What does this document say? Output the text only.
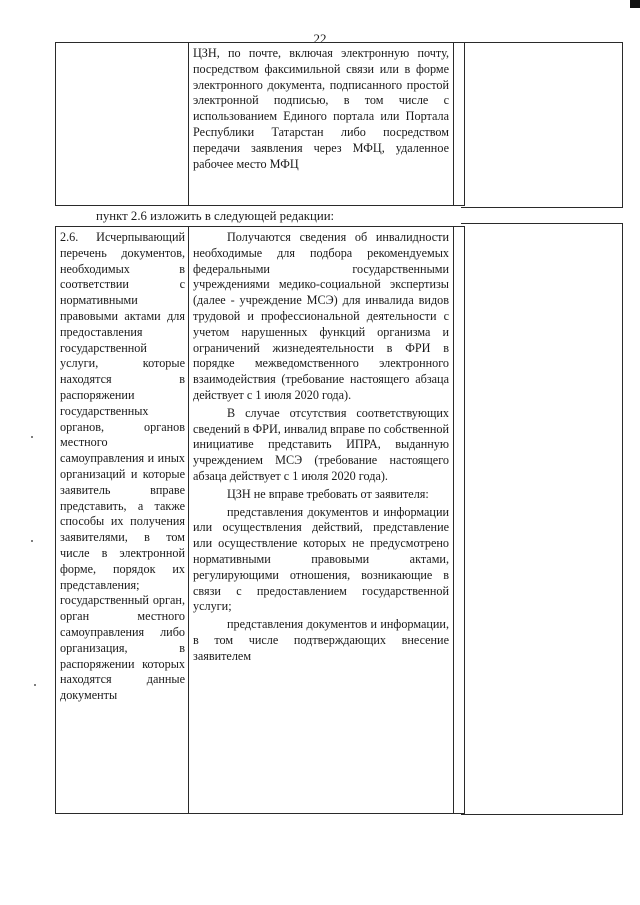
22

ЦЗН, по почте, включая электронную почту, посредством факсимильной связи или в форме электронного документа, подписанного простой электронной подписью, в том числе с использованием Единого портала или Портала Республики Татарстан либо посредством передачи заявления через МФЦ, удаленное рабочее место МФЦ

пункт 2.6 изложить в следующей редакции:
2.6. Исчерпывающий перечень документов, необходимых в соответствии с нормативными правовыми актами для предоставления государственной услуги, которые находятся в распоряжении государственных органов, органов местного самоуправления и иных организаций и которые заявитель вправе представить, а также способы их получения заявителями, в том числе в электронной форме, порядок их представления; государственный орган, орган местного самоуправления либо организация, в распоряжении которых находятся данные документы

Получаются сведения об инвалидности необходимые для подбора рекомендуемых федеральными государственными учреждениями медико-социальной экспертизы (далее - учреждение МСЭ) для инвалида видов трудовой и профессиональной деятельности с учетом нарушенных функций организма и ограничений жизнедеятельности в ФРИ в порядке межведомственного электронного взаимодействия (требование настоящего абзаца действует с 1 июля 2020 года).

В случае отсутствия соответствующих сведений в ФРИ, инвалид вправе по собственной инициативе представить ИПРА, выданную учреждением МСЭ (требование настоящего абзаца действует с 1 июля 2020 года).

ЦЗН не вправе требовать от заявителя:

представления документов и информации или осуществления действий, представление или осуществление которых не предусмотрено нормативными правовыми актами, регулирующими отношения, возникающие в связи с предоставлением государственной услуги;

представления документов и информации, в том числе подтверждающих внесение заявителем
